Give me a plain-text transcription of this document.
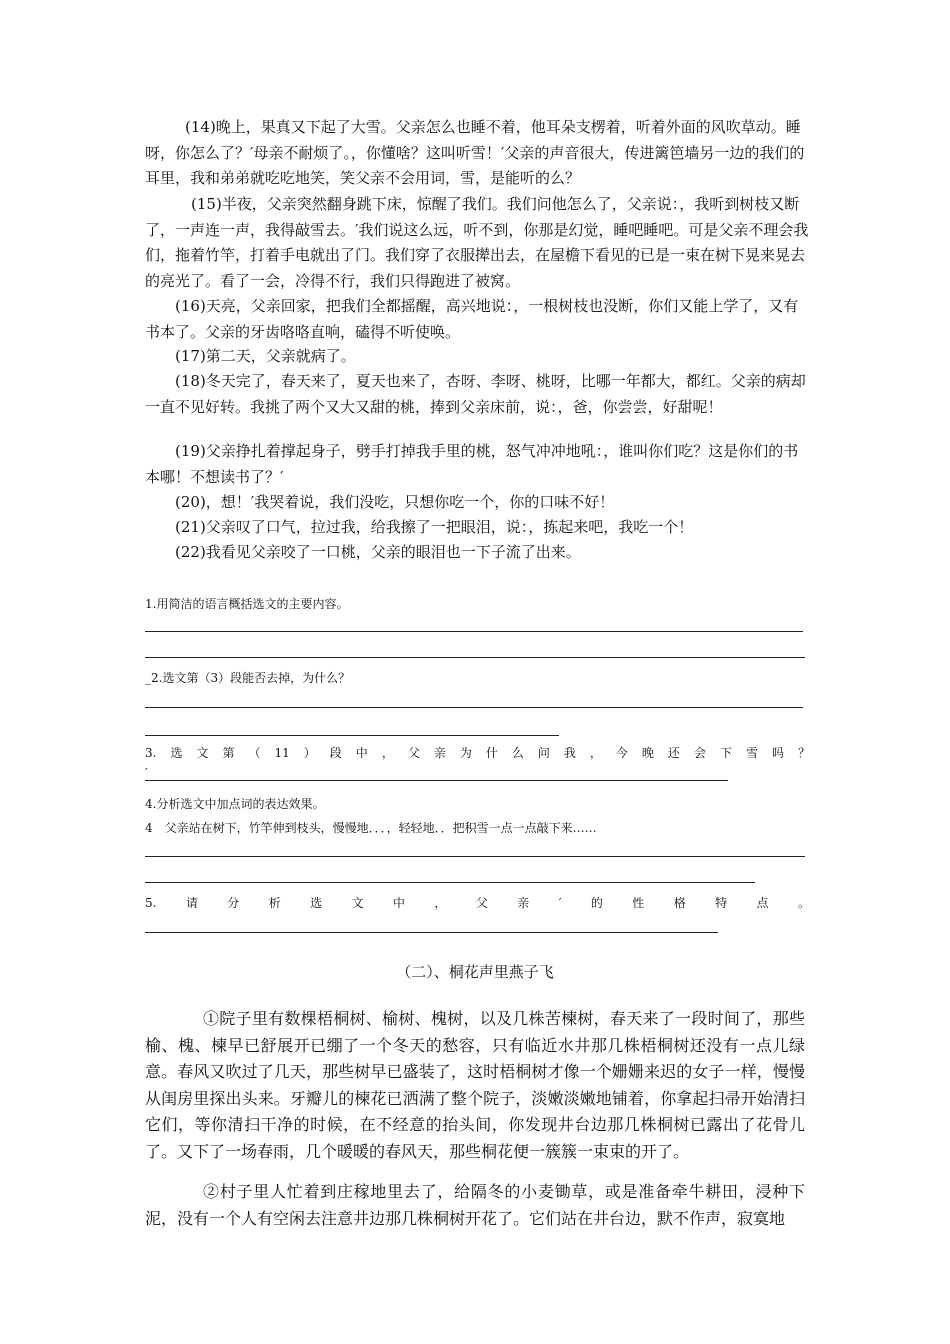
(14)晚上，果真又下起了大雪。父亲怎么也睡不着，他耳朵支楞着，听着外面的风吹草动。睡呀，你怎么了？′母亲不耐烦了。，你懂啥？这叫听雪！′父亲的声音很大，传进篱笆墙另一边的我们的耳里，我和弟弟就吃吃地笑，笑父亲不会用词，雪，是能听的么？

(15)半夜，父亲突然翻身跳下床，惊醒了我们。我们问他怎么了，父亲说：，我听到树枝又断了，一声连一声，我得敲雪去。′我们说这么远，听不到，你那是幻觉，睡吧睡吧。可是父亲不理会我们，拖着竹竿，打着手电就出了门。我们穿了衣服撵出去，在屋檐下看见的已是一束在树下晃来晃去的亮光了。看了一会，冷得不行，我们只得跑进了被窝。

(16)天亮，父亲回家，把我们全都摇醒，高兴地说：，一根树枝也没断，你们又能上学了，又有书本了。父亲的牙齿咯咯直响，磕得不听使唤。

(17)第二天，父亲就病了。

(18)冬天完了，春天来了，夏天也来了，杏呀、李呀、桃呀，比哪一年都大，都红。父亲的病却一直不见好转。我挑了两个又大又甜的桃，捧到父亲床前，说：，爸，你尝尝，好甜呢！

(19)父亲挣扎着撑起身子，劈手打掉我手里的桃，怒气冲冲地吼：，谁叫你们吃？这是你们的书本哪！不想读书了？′

(20)，想！′我哭着说，我们没吃，只想你吃一个，你的口味不好！

(21)父亲叹了口气，拉过我，给我擦了一把眼泪，说：，拣起来吧，我吃一个！

(22)我看见父亲咬了一口桃，父亲的眼泪也一下子流了出来。

1.用简洁的语言概括选文的主要内容。

_2.选文第（3）段能否去掉，为什么？

3.选文第（11）段中，父亲为什么问我，今晚还会下雪吗？

′

4.分析选文中加点词的表达效果。

4　父亲站在树下，竹竿伸到枝头，慢慢地．．．，轻轻地．．把积雪一点一点敲下来……

5.请分析选文中，父亲′的性格特点。

（二）、桐花声里燕子飞

①院子里有数棵梧桐树、榆树、槐树，以及几株苦楝树，春天来了一段时间了，那些榆、槐、楝早已舒展开已绷了一个冬天的愁容，只有临近水井那几株梧桐树还没有一点儿绿意。春风又吹过了几天，那些树早已盛装了，这时梧桐树才像一个姗姗来迟的女子一样，慢慢从闺房里探出头来。牙瓣儿的楝花已洒满了整个院子，淡嫩淡嫩地铺着，你拿起扫帚开始清扫它们，等你清扫干净的时候，在不经意的抬头间，你发现井台边那几株桐树已露出了花骨儿了。又下了一场春雨，几个暖暖的春风天，那些桐花便一簇簇一束束的开了。

②村子里人忙着到庄稼地里去了，给隔冬的小麦锄草，或是准备牵牛耕田，浸种下泥，没有一个人有空闲去注意井边那几株桐树开花了。它们站在井台边，默不作声，寂寞地
